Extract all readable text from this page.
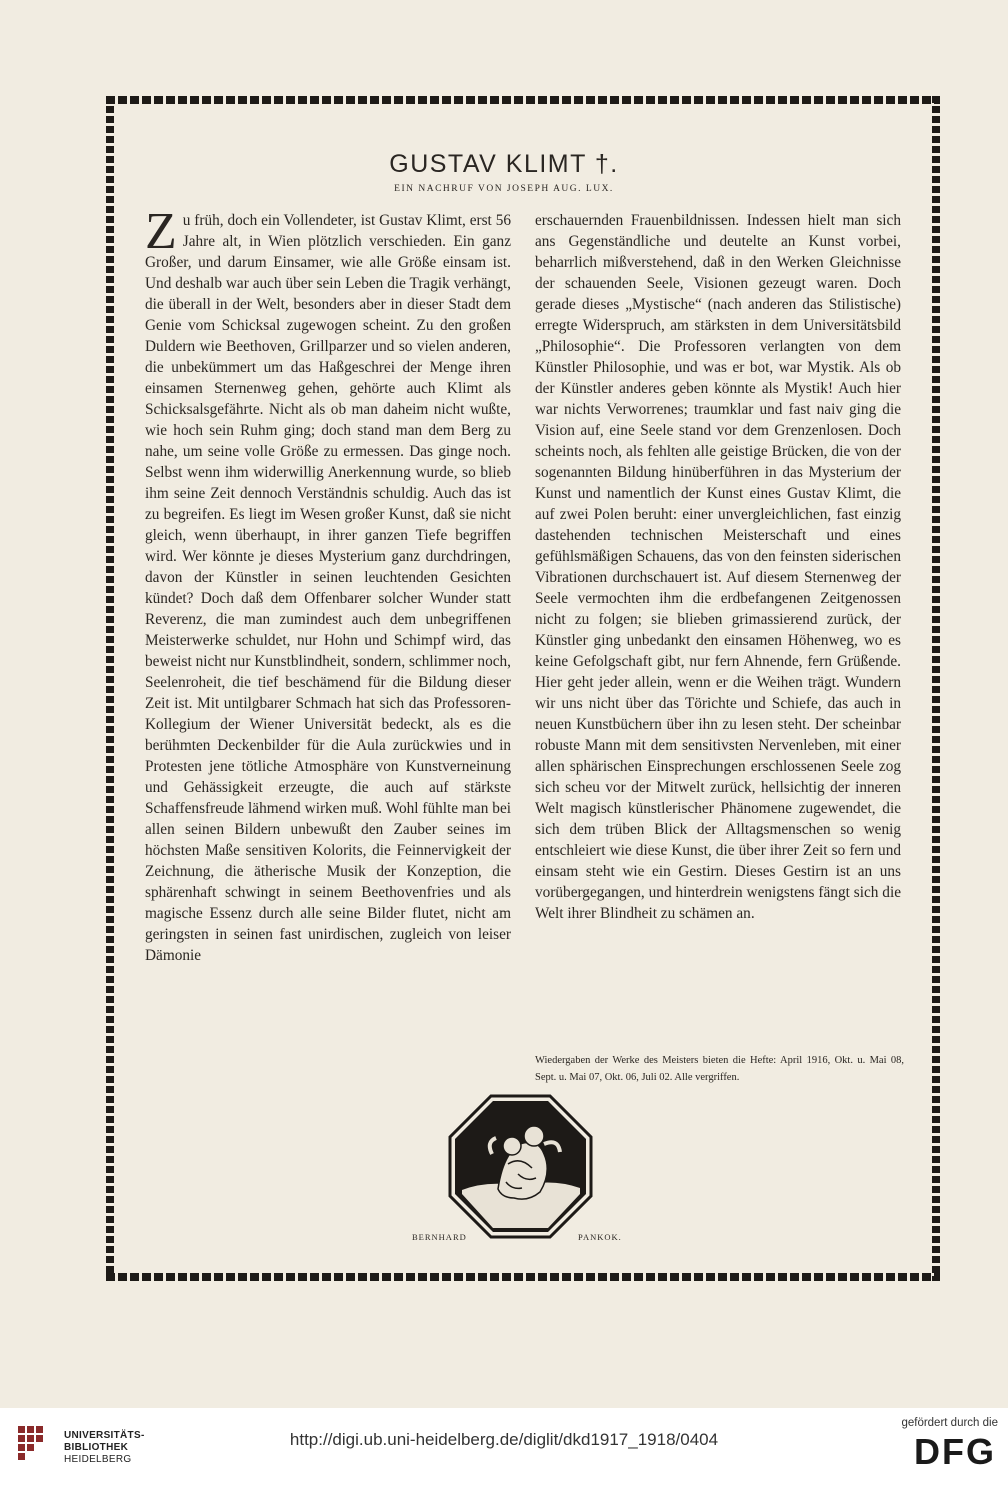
GUSTAV KLIMT †.
EIN NACHRUF VON JOSEPH AUG. LUX.

Zu früh, doch ein Vollendeter, ist Gustav Klimt, erst 56 Jahre alt, in Wien plötzlich verschieden. Ein ganz Großer, und darum Einsamer, wie alle Größe einsam ist. Und deshalb war auch über sein Leben die Tragik verhängt, die überall in der Welt, besonders aber in dieser Stadt dem Genie vom Schicksal zugewogen scheint. Zu den großen Duldern wie Beethoven, Grillparzer und so vielen anderen, die unbekümmert um das Haßgeschrei der Menge ihren einsamen Sternenweg gehen, gehörte auch Klimt als Schicksalsgefährte. Nicht als ob man daheim nicht wußte, wie hoch sein Ruhm ging; doch stand man dem Berg zu nahe, um seine volle Größe zu ermessen. Das ginge noch. Selbst wenn ihm widerwillig Anerkennung wurde, so blieb ihm seine Zeit dennoch Verständnis schuldig. Auch das ist zu begreifen. Es liegt im Wesen großer Kunst, daß sie nicht gleich, wenn überhaupt, in ihrer ganzen Tiefe begriffen wird. Wer könnte je dieses Mysterium ganz durchdringen, davon der Künstler in seinen leuchtenden Gesichten kündet? Doch daß dem Offenbarer solcher Wunder statt Reverenz, die man zumindest auch dem unbegriffenen Meisterwerke schuldet, nur Hohn und Schimpf wird, das beweist nicht nur Kunstblindheit, sondern, schlimmer noch, Seelenroheit, die tief beschämend für die Bildung dieser Zeit ist. Mit untilgbarer Schmach hat sich das Professoren-Kollegium der Wiener Universität bedeckt, als es die berühmten Deckenbilder für die Aula zurückwies und in Protesten jene tötliche Atmosphäre von Kunstverneinung und Gehässigkeit erzeugte, die auch auf stärkste Schaffensfreude lähmend wirken muß. Wohl fühlte man bei allen seinen Bildern unbewußt den Zauber seines im höchsten Maße sensitiven Kolorits, die Feinnervigkeit der Zeichnung, die ätherische Musik der Konzeption, die sphärenhaft schwingt in seinem Beethovenfries und als magische Essenz durch alle seine Bilder flutet, nicht am geringsten in seinen fast unirdischen, zugleich von leiser Dämonie

erschauernden Frauenbildnissen. Indessen hielt man sich ans Gegenständliche und deutelte an Kunst vorbei, beharrlich mißverstehend, daß in den Werken Gleichnisse der schauenden Seele, Visionen gezeugt waren. Doch gerade dieses „Mystische“ (nach anderen das Stilistische) erregte Widerspruch, am stärksten in dem Universitätsbild „Philosophie“. Die Professoren verlangten von dem Künstler Philosophie, und was er bot, war Mystik. Als ob der Künstler anderes geben könnte als Mystik! Auch hier war nichts Verworrenes; traumklar und fast naiv ging die Vision auf, eine Seele stand vor dem Grenzenlosen. Doch scheints noch, als fehlten alle geistige Brücken, die von der sogenannten Bildung hinüberführen in das Mysterium der Kunst und namentlich der Kunst eines Gustav Klimt, die auf zwei Polen beruht: einer unvergleichlichen, fast einzig dastehenden technischen Meisterschaft und eines gefühlsmäßigen Schauens, das von den feinsten siderischen Vibrationen durchschauert ist. Auf diesem Sternenweg der Seele vermochten ihm die erdbefangenen Zeitgenossen nicht zu folgen; sie blieben grimassierend zurück, der Künstler ging unbedankt den einsamen Höhenweg, wo es keine Gefolgschaft gibt, nur fern Ahnende, fern Grüßende. Hier geht jeder allein, wenn er die Weihen trägt. Wundern wir uns nicht über das Törichte und Schiefe, das auch in neuen Kunstbüchern über ihn zu lesen steht. Der scheinbar robuste Mann mit dem sensitivsten Nervenleben, mit einer allen sphärischen Einsprechungen erschlossenen Seele zog sich scheu vor der Mitwelt zurück, hellsichtig der inneren Welt magisch künstlerischer Phänomene zugewendet, die sich dem trüben Blick der Alltagsmenschen so wenig entschleiert wie diese Kunst, die über ihrer Zeit so fern und einsam steht wie ein Gestirn. Dieses Gestirn ist an uns vorübergegangen, und hinterdrein wenigstens fängt sich die Welt ihrer Blindheit zu schämen an.

Wiedergaben der Werke des Meisters bieten die Hefte: April 1916, Okt. u. Mai 08, Sept. u. Mai 07, Okt. 06, Juli 02. Alle vergriffen.
BERNHARD	PANKOK.
UNIVERSITÄTS-
BIBLIOTHEK
HEIDELBERG
http://digi.ub.uni-heidelberg.de/diglit/dkd1917_1918/0404
gefördert durch die
DFG
